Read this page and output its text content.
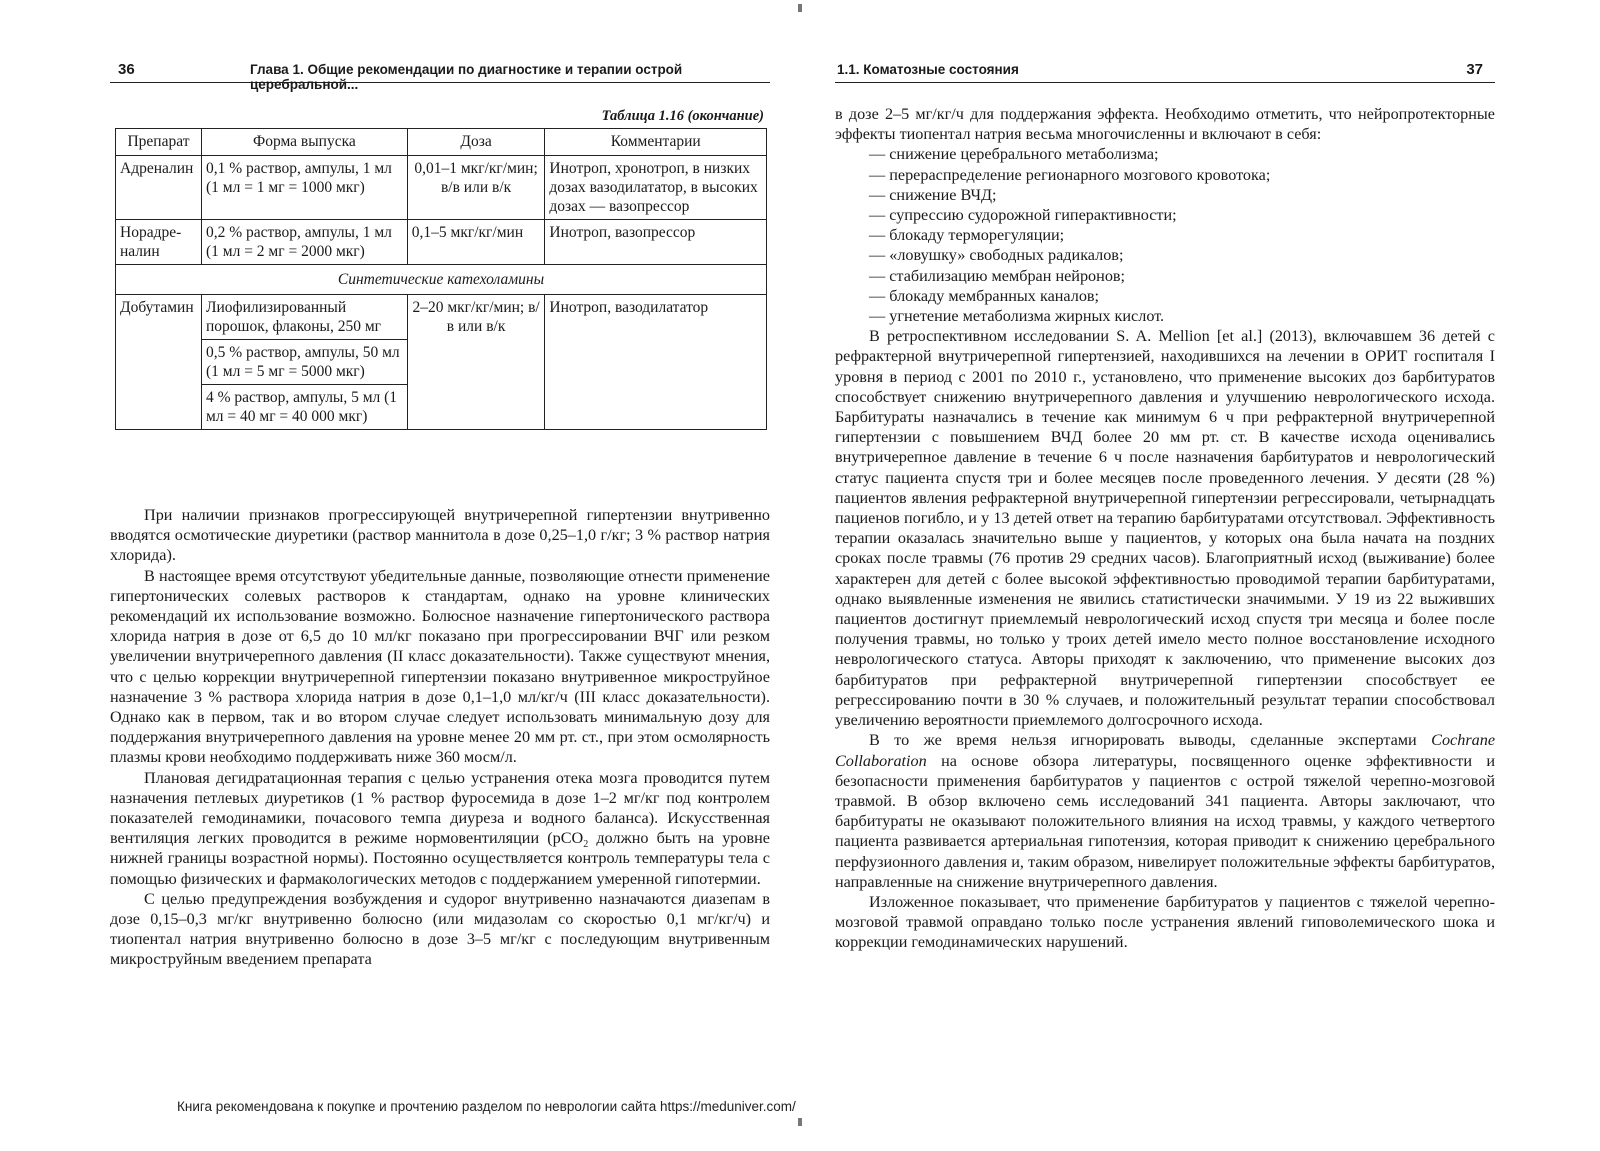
36	Глава 1. Общие рекомендации по диагностике и терапии острой церебральной...
Таблица 1.16 (окончание)
Препарат	Форма выпуска	Доза	Комментарии
Адреналин	0,1 % раствор, ампулы, 1 мл (1 мл = 1 мг = 1000 мкг)	0,01–1 мкг/кг/мин; в/в или в/к	Инотроп, хронотроп, в низких дозах вазодилататор, в высоких дозах — вазопрессор
Норадре-налин	0,2 % раствор, ампулы, 1 мл (1 мл = 2 мг = 2000 мкг)	0,1–5 мкг/кг/мин	Инотроп, вазопрессор
Синтетические катехоламины			
Добутамин	Лиофилизированный порошок, флаконы, 250 мг	2–20 мкг/кг/мин; в/в или в/к	Инотроп, вазодилататор
	0,5 % раствор, ампулы, 50 мл (1 мл = 5 мг = 5000 мкг)		
	4 % раствор, ампулы, 5 мл (1 мл = 40 мг = 40 000 мкг)		

При наличии признаков прогрессирующей внутричерепной гипертензии внутривенно вводятся осмотические диуретики (раствор маннитола в дозе 0,25–1,0 г/кг; 3 % раствор натрия хлорида).

В настоящее время отсутствуют убедительные данные, позволяющие отнести применение гипертонических солевых растворов к стандартам, однако на уровне клинических рекомендаций их использование возможно. Болюсное назначение гипертонического раствора хлорида натрия в дозе от 6,5 до 10 мл/кг показано при прогрессировании ВЧГ или резком увеличении внутричерепного давления (II класс доказательности). Также существуют мнения, что с целью коррекции внутричерепной гипертензии показано внутривенное микроструйное назначение 3 % раствора хлорида натрия в дозе 0,1–1,0 мл/кг/ч (III класс доказательности). Однако как в первом, так и во втором случае следует использовать минимальную дозу для поддержания внутричерепного давления на уровне менее 20 мм рт. ст., при этом осмолярность плазмы крови необходимо поддерживать ниже 360 мосм/л.

Плановая дегидратационная терапия с целью устранения отека мозга проводится путем назначения петлевых диуретиков (1 % раствор фуросемида в дозе 1–2 мг/кг под контролем показателей гемодинамики, почасового темпа диуреза и водного баланса). Искусственная вентиляция легких проводится в режиме нормовентиляции (pCO$_2$ должно быть на уровне нижней границы возрастной нормы). Постоянно осуществляется контроль температуры тела с помощью физических и фармакологических методов с поддержанием умеренной гипотермии.

С целью предупреждения возбуждения и судорог внутривенно назначаются диазепам в дозе 0,15–0,3 мг/кг внутривенно болюсно (или мидазолам со скоростью 0,1 мг/кг/ч) и тиопентал натрия внутривенно болюсно в дозе 3–5 мг/кг с последующим внутривенным микроструйным введением препарата

1.1. Коматозные состояния	37

в дозе 2–5 мг/кг/ч для поддержания эффекта. Необходимо отметить, что нейропротекторные эффекты тиопентал натрия весьма многочисленны и включают в себя:

— снижение церебрального метаболизма;
— перераспределение регионарного мозгового кровотока;
— снижение ВЧД;
— супрессию судорожной гиперактивности;
— блокаду терморегуляции;
— «ловушку» свободных радикалов;
— стабилизацию мембран нейронов;
— блокаду мембранных каналов;
— угнетение метаболизма жирных кислот.

В ретроспективном исследовании S. A. Mellion [et al.] (2013), включавшем 36 детей с рефрактерной внутричерепной гипертензией, находившихся на лечении в ОРИТ госпиталя I уровня в период с 2001 по 2010 г., установлено, что применение высоких доз барбитуратов способствует снижению внутричерепного давления и улучшению неврологического исхода. Барбитураты назначались в течение как минимум 6 ч при рефрактерной внутричерепной гипертензии с повышением ВЧД более 20 мм рт. ст. В качестве исхода оценивались внутричерепное давление в течение 6 ч после назначения барбитуратов и неврологический статус пациента спустя три и более месяцев после проведенного лечения. У десяти (28 %) пациентов явления рефрактерной внутричерепной гипертензии регрессировали, четырнадцать пациенов погибло, и у 13 детей ответ на терапию барбитуратами отсутствовал. Эффективность терапии оказалась значительно выше у пациентов, у которых она была начата на поздних сроках после травмы (76 против 29 средних часов). Благоприятный исход (выживание) более характерен для детей с более высокой эффективностью проводимой терапии барбитуратами, однако выявленные изменения не явились статистически значимыми. У 19 из 22 выживших пациентов достигнут приемлемый неврологический исход спустя три месяца и более после получения травмы, но только у троих детей имело место полное восстановление исходного неврологического статуса. Авторы приходят к заключению, что применение высоких доз барбитуратов при рефрактерной внутричерепной гипертензии способствует ее регрессированию почти в 30 % случаев, и положительный результат терапии способствовал увеличению вероятности приемлемого долгосрочного исхода.

В то же время нельзя игнорировать выводы, сделанные экспертами Cochrane Collaboration на основе обзора литературы, посвященного оценке эффективности и безопасности применения барбитуратов у пациентов с острой тяжелой черепно-мозговой травмой. В обзор включено семь исследований 341 пациента. Авторы заключают, что барбитураты не оказывают положительного влияния на исход травмы, у каждого четвертого пациента развивается артериальная гипотензия, которая приводит к снижению церебрального перфузионного давления и, таким образом, нивелирует положительные эффекты барбитуратов, направленные на снижение внутричерепного давления.

Изложенное показывает, что применение барбитуратов у пациентов с тяжелой черепно-мозговой травмой оправдано только после устранения явлений гиповолемического шока и коррекции гемодинамических нарушений.

Книга рекомендована к покупке и прочтению разделом по неврологии сайта https://meduniver.com/
